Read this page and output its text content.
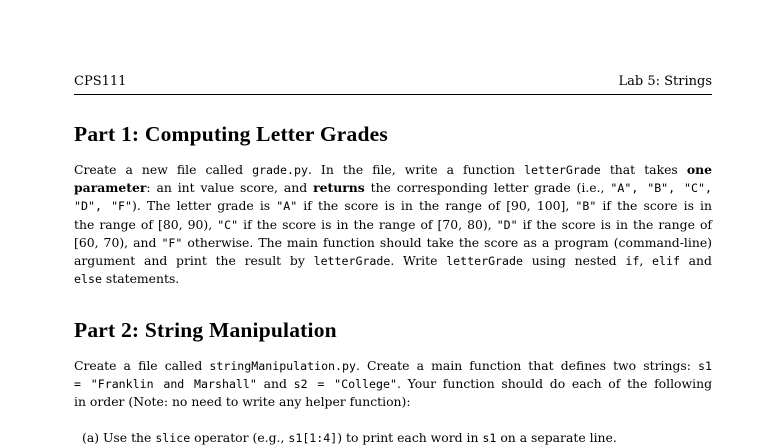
CPS111	Lab 5: Strings
Part 1: Computing Letter Grades
Create a new file called grade.py. In the file, write a function letterGrade that takes one
parameter: an int value score, and returns the corresponding letter grade (i.e., "A", "B", "C",
"D", "F"). The letter grade is "A" if the score is in the range of [90, 100], "B" if the score is in
the range of [80, 90), "C" if the score is in the range of [70, 80), "D" if the score is in the range of
[60, 70), and "F" otherwise. The main function should take the score as a program (command-line)
argument and print the result by letterGrade. Write letterGrade using nested if, elif and
else statements.
Part 2: String Manipulation
Create a file called stringManipulation.py. Create a main function that defines two strings: s1
= "Franklin and Marshall" and s2 = "College". Your function should do each of the following
in order (Note: no need to write any helper function):
(a) Use the slice operator (e.g., s1[1:4]) to print each word in s1 on a separate line.
